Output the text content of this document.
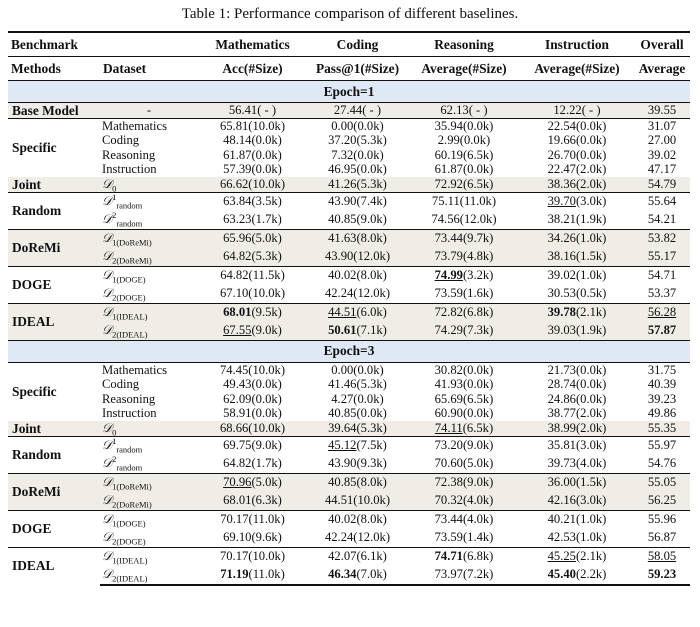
Table 1: Performance comparison of different baselines.
Benchmark		Mathematics	Coding	Reasoning	Instruction	Overall
Methods	Dataset	Acc(#Size)	Pass@1(#Size)	Average(#Size)	Average(#Size)	Average
Epoch=1						
Base Model	-	56.41( - )	27.44( - )	62.13( - )	12.22( - )	39.55
Specific	Mathematics	65.81(10.0k)	0.00(0.0k)	35.94(0.0k)	22.54(0.0k)	31.07
	Coding	48.14(0.0k)	37.20(5.3k)	2.99(0.0k)	19.66(0.0k)	27.00
	Reasoning	61.87(0.0k)	7.32(0.0k)	60.19(6.5k)	26.70(0.0k)	39.02
	Instruction	57.39(0.0k)	46.95(0.0k)	61.87(0.0k)	22.47(2.0k)	47.17
Joint	𝒟$_0$	66.62(10.0k)	41.26(5.3k)	72.92(6.5k)	38.36(2.0k)	54.79
Random	𝒟$^1_{random}$	63.84(3.5k)	43.90(7.4k)	75.11(11.0k)	39.70(3.0k)	55.64
	𝒟$^2_{random}$	63.23(1.7k)	40.85(9.0k)	74.56(12.0k)	38.21(1.9k)	54.21
DoReMi	𝒟$_{1(DoReMi)}$	65.96(5.0k)	41.63(8.0k)	73.44(9.7k)	34.26(1.0k)	53.82
	𝒟$_{2(DoReMi)}$	64.82(5.3k)	43.90(12.0k)	73.79(4.8k)	38.16(1.5k)	55.17
DOGE	𝒟$_{1(DOGE)}$	64.82(11.5k)	40.02(8.0k)	74.99(3.2k)	39.02(1.0k)	54.71
	𝒟$_{2(DOGE)}$	67.10(10.0k)	42.24(12.0k)	73.59(1.6k)	30.53(0.5k)	53.37
IDEAL	𝒟$_{1(IDEAL)}$	68.01(9.5k)	44.51(6.0k)	72.82(6.8k)	39.78(2.1k)	56.28
	𝒟$_{2(IDEAL)}$	67.55(9.0k)	50.61(7.1k)	74.29(7.3k)	39.03(1.9k)	57.87
Epoch=3						
Specific	Mathematics	74.45(10.0k)	0.00(0.0k)	30.82(0.0k)	21.73(0.0k)	31.75
	Coding	49.43(0.0k)	41.46(5.3k)	41.93(0.0k)	28.74(0.0k)	40.39
	Reasoning	62.09(0.0k)	4.27(0.0k)	65.69(6.5k)	24.86(0.0k)	39.23
	Instruction	58.91(0.0k)	40.85(0.0k)	60.90(0.0k)	38.77(2.0k)	49.86
Joint	𝒟$_0$	68.66(10.0k)	39.64(5.3k)	74.11(6.5k)	38.99(2.0k)	55.35
Random	𝒟$^1_{random}$	69.75(9.0k)	45.12(7.5k)	73.20(9.0k)	35.81(3.0k)	55.97
	𝒟$^2_{random}$	64.82(1.7k)	43.90(9.3k)	70.60(5.0k)	39.73(4.0k)	54.76
DoReMi	𝒟$_{1(DoReMi)}$	70.96(5.0k)	40.85(8.0k)	72.38(9.0k)	36.00(1.5k)	55.05
	𝒟$_{2(DoReMi)}$	68.01(6.3k)	44.51(10.0k)	70.32(4.0k)	42.16(3.0k)	56.25
DOGE	𝒟$_{1(DOGE)}$	70.17(11.0k)	40.02(8.0k)	73.44(4.0k)	40.21(1.0k)	55.96
	𝒟$_{2(DOGE)}$	69.10(9.6k)	42.24(12.0k)	73.59(1.4k)	42.53(1.0k)	56.87
IDEAL	𝒟$_{1(IDEAL)}$	70.17(10.0k)	42.07(6.1k)	74.71(6.8k)	45.25(2.1k)	58.05
	𝒟$_{2(IDEAL)}$	71.19(11.0k)	46.34(7.0k)	73.97(7.2k)	45.40(2.2k)	59.23
